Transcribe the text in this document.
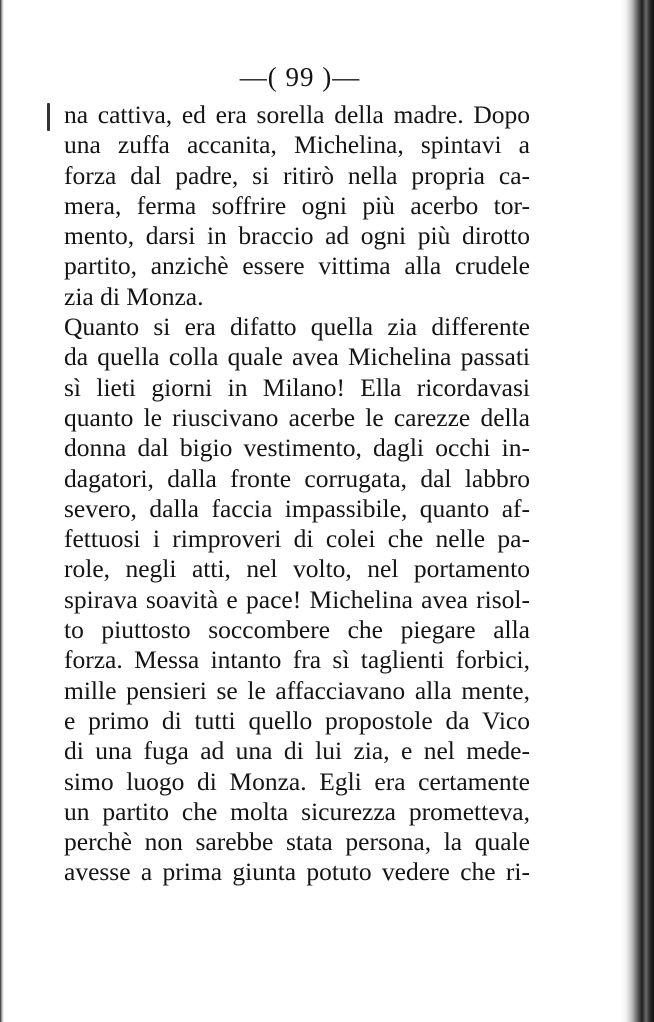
—( 99 )—
na cattiva, ed era sorella della madre. Dopo
una zuffa accanita, Michelina, spintavi a
forza dal padre, si ritirò nella propria ca-
mera, ferma soffrire ogni più acerbo tor-
mento, darsi in braccio ad ogni più dirotto
partito, anzichè essere vittima alla crudele
zia di Monza.
Quanto si era difatto quella zia differente
da quella colla quale avea Michelina passati
sì lieti giorni in Milano! Ella ricordavasi
quanto le riuscivano acerbe le carezze della
donna dal bigio vestimento, dagli occhi in-
dagatori, dalla fronte corrugata, dal labbro
severo, dalla faccia impassibile, quanto af-
fettuosi i rimproveri di colei che nelle pa-
role, negli atti, nel volto, nel portamento
spirava soavità e pace! Michelina avea risol-
to piuttosto soccombere che piegare alla
forza. Messa intanto fra sì taglienti forbici,
mille pensieri se le affacciavano alla mente,
e primo di tutti quello propostole da Vico
di una fuga ad una di lui zia, e nel mede-
simo luogo di Monza. Egli era certamente
un partito che molta sicurezza prometteva,
perchè non sarebbe stata persona, la quale
avesse a prima giunta potuto vedere che ri-
